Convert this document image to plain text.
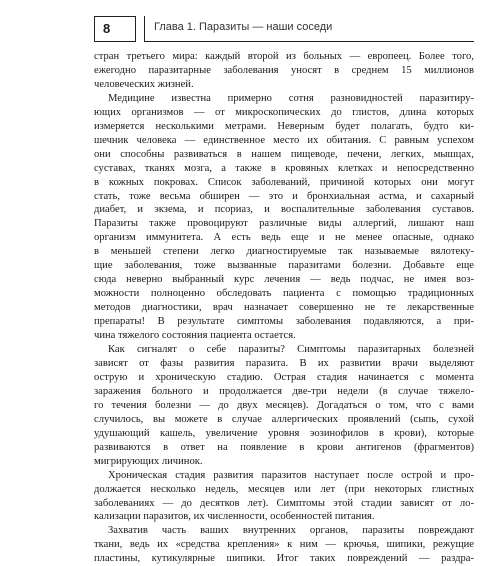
8	Глава 1. Паразиты — наши соседи
стран третьего мира: каждый второй из больных — европеец. Более того,
ежегодно паразитарные заболевания уносят в среднем 15 миллионов
человеческих жизней.
Медицине известна примерно сотня разновидностей паразитиру-
ющих организмов — от микроскопических до глистов, длина которых
измеряется несколькими метрами. Неверным будет полагать, будто ки-
шечник человека — единственное место их обитания. С равным успехом
они способны развиваться в нашем пищеводе, печени, легких, мышцах,
суставах, тканях мозга, а также в кровяных клетках и непосредственно
в кожных покровах. Список заболеваний, причиной которых они могут
стать, тоже весьма обширен — это и бронхиальная астма, и сахарный
диабет, и экзема, и псориаз, и воспалительные заболевания суставов.
Паразиты также провоцируют различные виды аллергий, лишают наш
организм иммунитета. А есть ведь еще и не менее опасные, однако
в меньшей степени легко диагностируемые так называемые вялотеку-
щие заболевания, тоже вызванные паразитами болезни. Добавьте еще
сюда неверно выбранный курс лечения — ведь подчас, не имея воз-
можности полноценно обследовать пациента с помощью традиционных
методов диагностики, врач назначает совершенно не те лекарственные
препараты! В результате симптомы заболевания подавляются, а при-
чина тяжелого состояния пациента остается.
Как сигналят о себе паразиты? Симптомы паразитарных болезней
зависят от фазы развития паразита. В их развитии врачи выделяют
острую и хроническую стадию. Острая стадия начинается с момента
заражения больного и продолжается две-три недели (в случае тяжело-
го течения болезни — до двух месяцев). Догадаться о том, что с вами
случилось, вы можете в случае аллергических проявлений (сыпь, сухой
удушающий кашель, увеличение уровня эозинофилов в крови), которые
развиваются в ответ на появление в крови антигенов (фрагментов)
мигрирующих личинок.
Хроническая стадия развития паразитов наступает после острой и про-
должается несколько недель, месяцев или лет (при некоторых глистных
заболеваниях — до десятков лет). Симптомы этой стадии зависят от ло-
кализации паразитов, их численности, особенностей питания.
Захватив часть ваших внутренних органов, паразиты повреждают
ткани, ведь их «средства крепления» к ним — крючья, шипики, режущие
пластины, кутикулярные шипики. Итог таких повреждений — раздра-
